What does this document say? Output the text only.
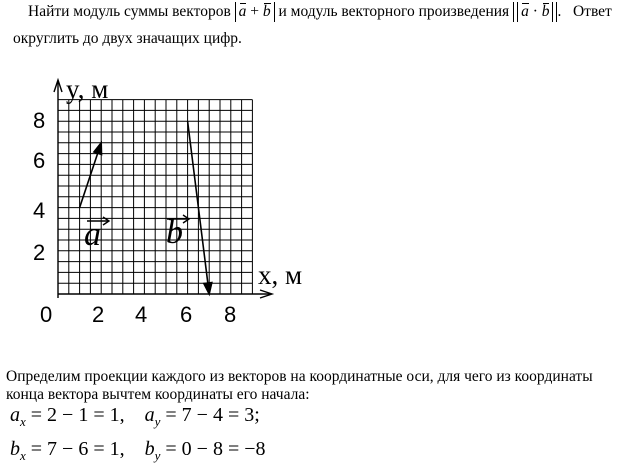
Найти модуль суммы векторов a + b и модуль векторного произведения a · b .   Ответ
округлить до двух значащих цифр.
8
6
4
2
0 2 4 6 8
y, м
x, м
a b
Определим проекции каждого из векторов на координатные оси, для чего из координаты
конца вектора вычтем координаты его начала:
$a_x = 2 - 1 = 1$, $a_y = 7 - 4 = 3$;
$b_x = 7 - 6 = 1$, $b_y = 0 - 8 = -8$
